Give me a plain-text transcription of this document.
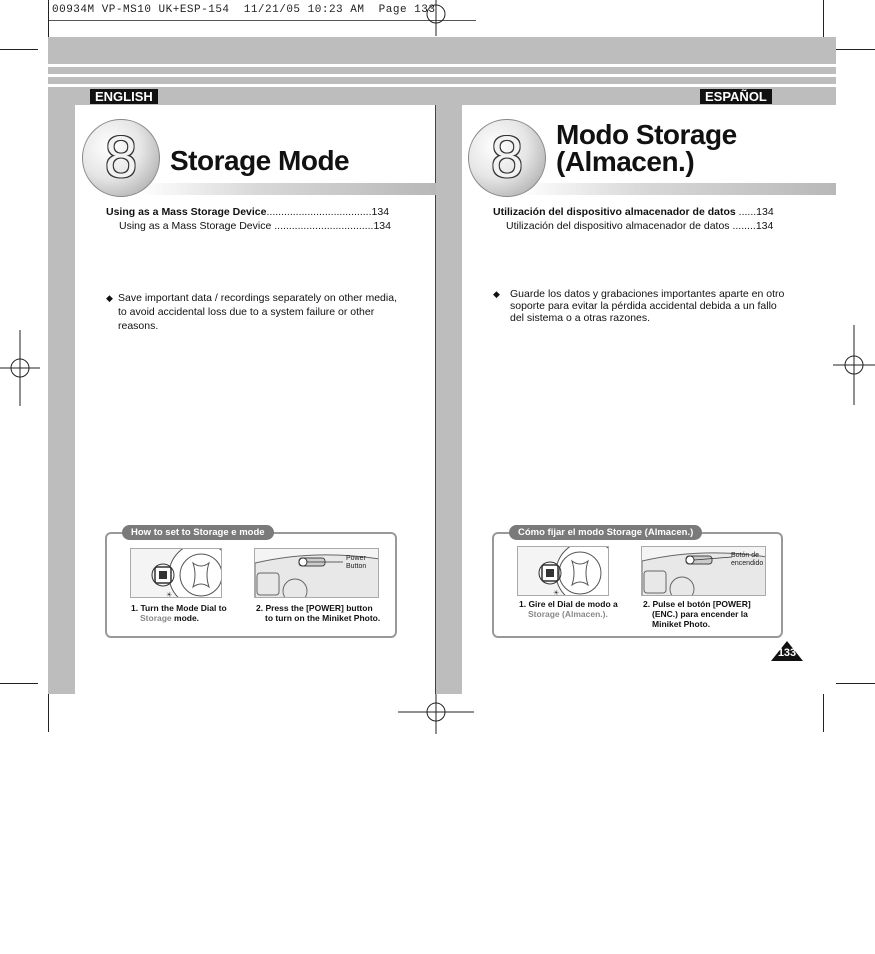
00934M VP-MS10 UK+ESP-154  11/21/05 10:23 AM  Page 133
ENGLISH
8	Storage Mode
Using as a Mass Storage Device....................................134
Using as a Mass Storage Device ..................................134
◆ Save important data / recordings separately on other media,
to avoid accidental loss due to a system failure or other
reasons.
How to set to Storage e mode
☀
Power
Button
1. Turn the Mode Dial to
Storage mode.
2. Press the [POWER] button
to turn on the Miniket Photo.
ESPAÑOL
8	Modo Storage
(Almacen.)
Utilización del dispositivo almacenador de datos ......134
Utilización del dispositivo almacenador de datos ........134
◆ Guarde los datos y grabaciones importantes aparte en otro
soporte para evitar la pérdida accidental debida a un fallo
del sistema o a otras razones.
Cómo fijar el modo Storage (Almacen.)
☀
Botón de
encendido
1. Gire el Dial de modo a
Storage (Almacen.).
2. Pulse el botón [POWER]
(ENC.) para encender la
Miniket Photo.
133
